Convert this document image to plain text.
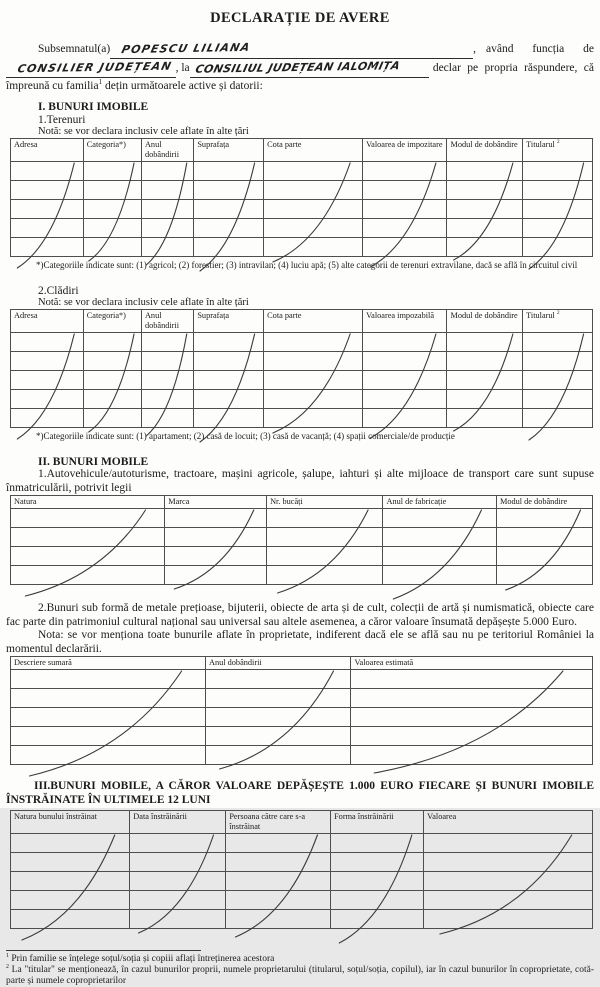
DECLARAȚIE DE AVERE
Subsemnatul(a) POPESCU LILIANA	, având funcția de
CONSILIER JUDEȚEAN , la CONSILIUL JUDEȚEAN IALOMIȚA	declar pe propria răspundere, că
împreună cu familia$^1$ dețin următoarele active și datorii:
I. BUNURI IMOBILE
1.Terenuri
Notă: se vor declara inclusiv cele aflate în alte țări
Adresa	Categoria*)	Anul dobândirii	Suprafața	Cota parte	Valoarea de impozitare	Modul de dobândire	Titularul $^2$

*)Categoriile indicate sunt: (1) agricol; (2) forestier; (3) intravilan; (4) luciu apă; (5) alte categorii de terenuri extravilane, dacă se află în circuitul civil

2.Clădiri
Notă: se vor declara inclusiv cele aflate în alte țări
Adresa	Categoria*)	Anul dobândirii	Suprafața	Cota parte	Valoarea impozabilă	Modul de dobândire	Titularul $^2$

*)Categoriile indicate sunt: (1) apartament; (2) casă de locuit; (3) casă de vacanță; (4) spații comerciale/de producție

II. BUNURI MOBILE

1.Autovehicule/autoturisme, tractoare, mașini agricole, șalupe, iahturi și alte mijloace de transport care sunt supuse înmatriculării, potrivit legii

Natura	Marca	Nr. bucăți	Anul de fabricație	Modul de dobândire

2.Bunuri sub formă de metale prețioase, bijuterii, obiecte de arta și de cult, colecții de artă și numismatică, obiecte care fac parte din patrimoniul cultural național sau universal sau altele asemenea, a căror valoare însumată depășește 5.000 Euro.

Nota: se vor menționa toate bunurile aflate în proprietate, indiferent dacă ele se află sau nu pe teritoriul României la momentul declarării.

Descriere sumară	Anul dobândirii	Valoarea estimată

III.BUNURI MOBILE, A CĂROR VALOARE DEPĂȘEȘTE 1.000 EURO FIECARE ȘI BUNURI IMOBILE ÎNSTRĂINATE ÎN ULTIMELE 12 LUNI

Natura bunului înstrăinat	Data înstrăinării	Persoana către care s-a înstrăinat	Forma înstrăinării	Valoarea

$^1$ Prin familie se înțelege soțul/soția și copiii aflați întreținerea acestora

$^2$ La "titular" se menționează, în cazul bunurilor proprii, numele proprietarului (titularul, soțul/soția, copilul), iar în cazul bunurilor în coproprietate, cotă-parte și numele coproprietarilor
